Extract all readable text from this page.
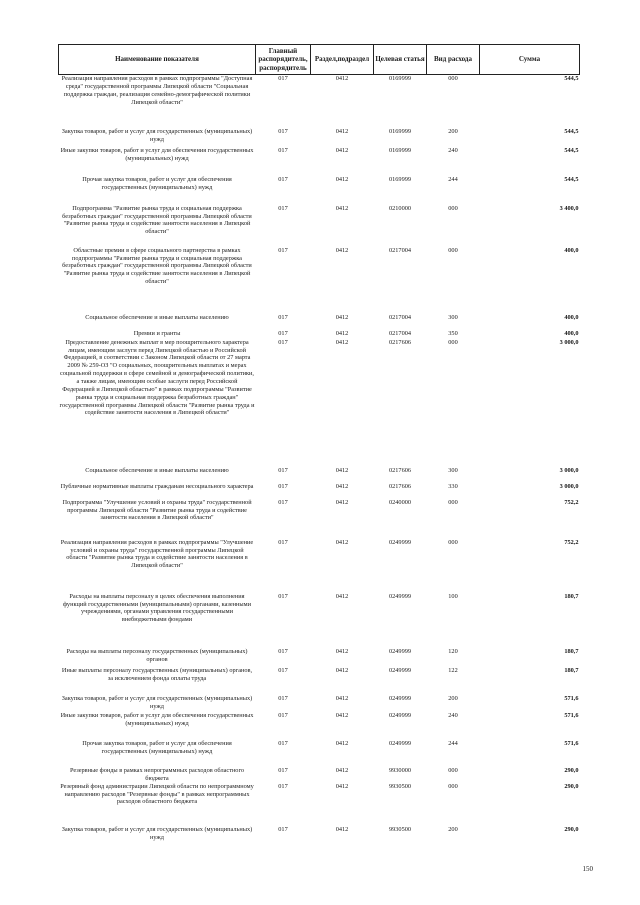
Наименование показателя	Главный распорядитель, распорядитель	Раздел,подраздел	Целевая статья	Вид расхода	Сумма
Реализация направления расходов в рамках подпрограммы "Доступная среда" государственной программы Липецкой области "Социальная поддержка граждан, реализация семейно-демографической политики Липецкой области"	017	0412	0169999	000	544,5
Закупка товаров, работ и услуг для государственных (муниципальных) нужд	017	0412	0169999	200	544,5
Иные закупки товаров, работ и услуг для обеспечения государственных (муниципальных) нужд	017	0412	0169999	240	544,5
Прочая закупка товаров, работ и услуг для обеспечения государственных (муниципальных) нужд	017	0412	0169999	244	544,5
Подпрограмма "Развитие рынка труда и социальная поддержка безработных граждан" государственной программы Липецкой области "Развитие рынка труда и содействие занятости населения в Липецкой области"	017	0412	0210000	000	3 400,0
Областные премии в сфере социального партнерства в рамках подпрограммы "Развитие рынка труда и социальная поддержка безработных граждан" государственной программы Липецкой области "Развитие рынка труда и содействие занятости населения в Липецкой области"	017	0412	0217004	000	400,0
Социальное обеспечение и иные выплаты населению	017	0412	0217004	300	400,0
Премии и гранты	017	0412	0217004	350	400,0
Предоставление денежных выплат в мер поощрительного характера лицам, имеющим заслуги перед Липецкой областью и Российской Федерацией, в соответствии с Законом Липецкой области от 27 марта 2009 № 259-ОЗ "О социальных, поощрительных выплатах и мерах социальной поддержки в сфере семейной и демографической политики, а также лицам, имеющим особые заслуги перед Российской Федерацией и Липецкой областью" в рамках подпрограммы "Развитие рынка труда и социальная поддержка безработных граждан" государственной программы Липецкой области "Развитие рынка труда и содействие занятости населения в Липецкой области"	017	0412	0217606	000	3 000,0
Социальное обеспечение и иные выплаты населению	017	0412	0217606	300	3 000,0
Публичные нормативные выплаты гражданам несоциального характера	017	0412	0217606	330	3 000,0
Подпрограмма "Улучшение условий и охраны труда" государственной программы Липецкой области "Развитие рынка труда и содействие занятости населения в Липецкой области"	017	0412	0240000	000	752,2
Реализация направления расходов в рамках подпрограммы "Улучшение условий и охраны труда" государственной программы Липецкой области "Развитие рынка труда и содействие занятости населения в Липецкой области"	017	0412	0249999	000	752,2
Расходы на выплаты персоналу в целях обеспечения выполнения функций государственными (муниципальными) органами, казенными учреждениями, органами управления государственными внебюджетными фондами	017	0412	0249999	100	180,7
Расходы на выплаты персоналу государственных (муниципальных) органов	017	0412	0249999	120	180,7
Иные выплаты персоналу государственных (муниципальных) органов, за исключением фонда оплаты труда	017	0412	0249999	122	180,7
Закупка товаров, работ и услуг для государственных (муниципальных) нужд	017	0412	0249999	200	571,6
Иные закупки товаров, работ и услуг для обеспечения государственных (муниципальных) нужд	017	0412	0249999	240	571,6
Прочая закупка товаров, работ и услуг для обеспечения государственных (муниципальных) нужд	017	0412	0249999	244	571,6
Резервные фонды в рамках непрограммных расходов областного бюджета	017	0412	9930000	000	290,0
Резервный фонд администрации Липецкой области по непрограммному направлению расходов "Резервные фонды" в рамках непрограммных расходов областного бюджета	017	0412	9930500	000	290,0
Закупка товаров, работ и услуг для государственных (муниципальных) нужд	017	0412	9930500	200	290,0
150
